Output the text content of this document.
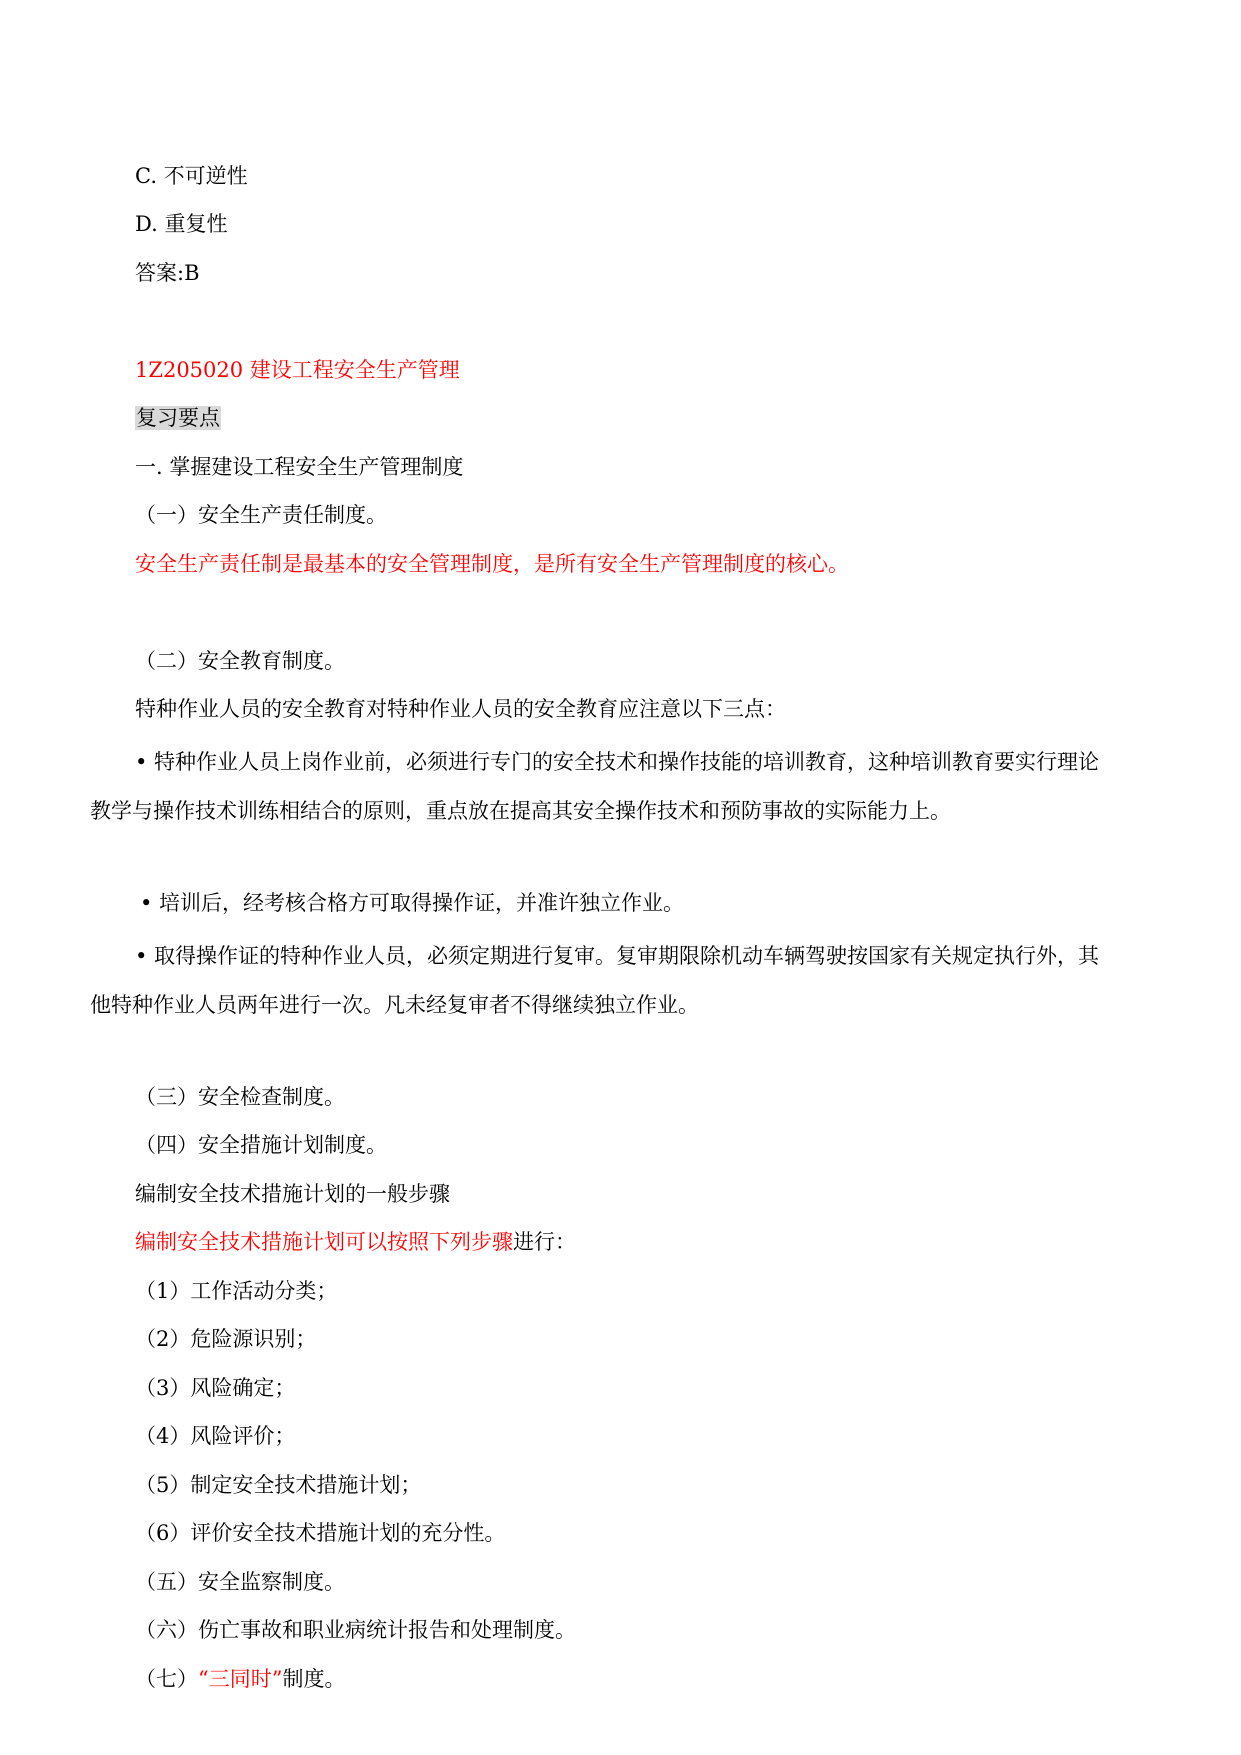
C. 不可逆性
D. 重复性
答案:B
1Z205020 建设工程安全生产管理
复习要点
一. 掌握建设工程安全生产管理制度
（一）安全生产责任制度。
安全生产责任制是最基本的安全管理制度，是所有安全生产管理制度的核心。
（二）安全教育制度。
特种作业人员的安全教育对特种作业人员的安全教育应注意以下三点：
• 特种作业人员上岗作业前，必须进行专门的安全技术和操作技能的培训教育，这种培训教育要实行理论教学与操作技术训练相结合的原则，重点放在提高其安全操作技术和预防事故的实际能力上。
• 培训后，经考核合格方可取得操作证，并准许独立作业。
• 取得操作证的特种作业人员，必须定期进行复审。复审期限除机动车辆驾驶按国家有关规定执行外，其他特种作业人员两年进行一次。凡未经复审者不得继续独立作业。
（三）安全检查制度。
（四）安全措施计划制度。
编制安全技术措施计划的一般步骤
编制安全技术措施计划可以按照下列步骤进行：
（1）工作活动分类；
（2）危险源识别；
（3）风险确定；
（4）风险评价；
（5）制定安全技术措施计划；
（6）评价安全技术措施计划的充分性。
（五）安全监察制度。
（六）伤亡事故和职业病统计报告和处理制度。
（七）“三同时”制度。
